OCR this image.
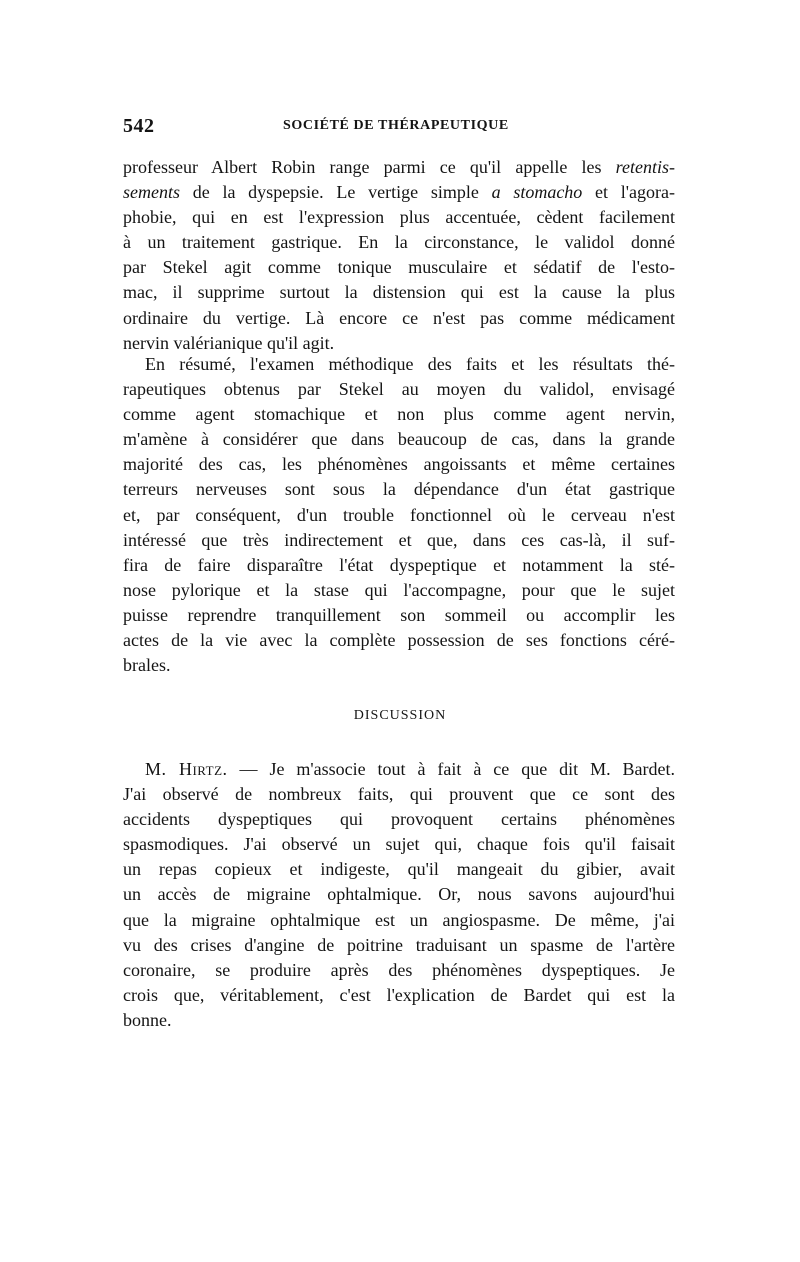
542	SOCIÉTÉ DE THÉRAPEUTIQUE
professeur Albert Robin range parmi ce qu'il appelle les retentis-
sements de la dyspepsie. Le vertige simple a stomacho et l'agora-
phobie, qui en est l'expression plus accentuée, cèdent facilement
à un traitement gastrique. En la circonstance, le validol donné
par Stekel agit comme tonique musculaire et sédatif de l'esto-
mac, il supprime surtout la distension qui est la cause la plus
ordinaire du vertige. Là encore ce n'est pas comme médicament
nervin valérianique qu'il agit.
En résumé, l'examen méthodique des faits et les résultats thé-
rapeutiques obtenus par Stekel au moyen du validol, envisagé
comme agent stomachique et non plus comme agent nervin,
m'amène à considérer que dans beaucoup de cas, dans la grande
majorité des cas, les phénomènes angoissants et même certaines
terreurs nerveuses sont sous la dépendance d'un état gastrique
et, par conséquent, d'un trouble fonctionnel où le cerveau n'est
intéressé que très indirectement et que, dans ces cas-là, il suf-
fira de faire disparaître l'état dyspeptique et notamment la sté-
nose pylorique et la stase qui l'accompagne, pour que le sujet
puisse reprendre tranquillement son sommeil ou accomplir les
actes de la vie avec la complète possession de ses fonctions céré-
brales.
DISCUSSION
M. Hirtz. — Je m'associe tout à fait à ce que dit M. Bardet.
J'ai observé de nombreux faits, qui prouvent que ce sont des
accidents dyspeptiques qui provoquent certains phénomènes
spasmodiques. J'ai observé un sujet qui, chaque fois qu'il faisait
un repas copieux et indigeste, qu'il mangeait du gibier, avait
un accès de migraine ophtalmique. Or, nous savons aujourd'hui
que la migraine ophtalmique est un angiospasme. De même, j'ai
vu des crises d'angine de poitrine traduisant un spasme de l'artère
coronaire, se produire après des phénomènes dyspeptiques. Je
crois que, véritablement, c'est l'explication de Bardet qui est la
bonne.
